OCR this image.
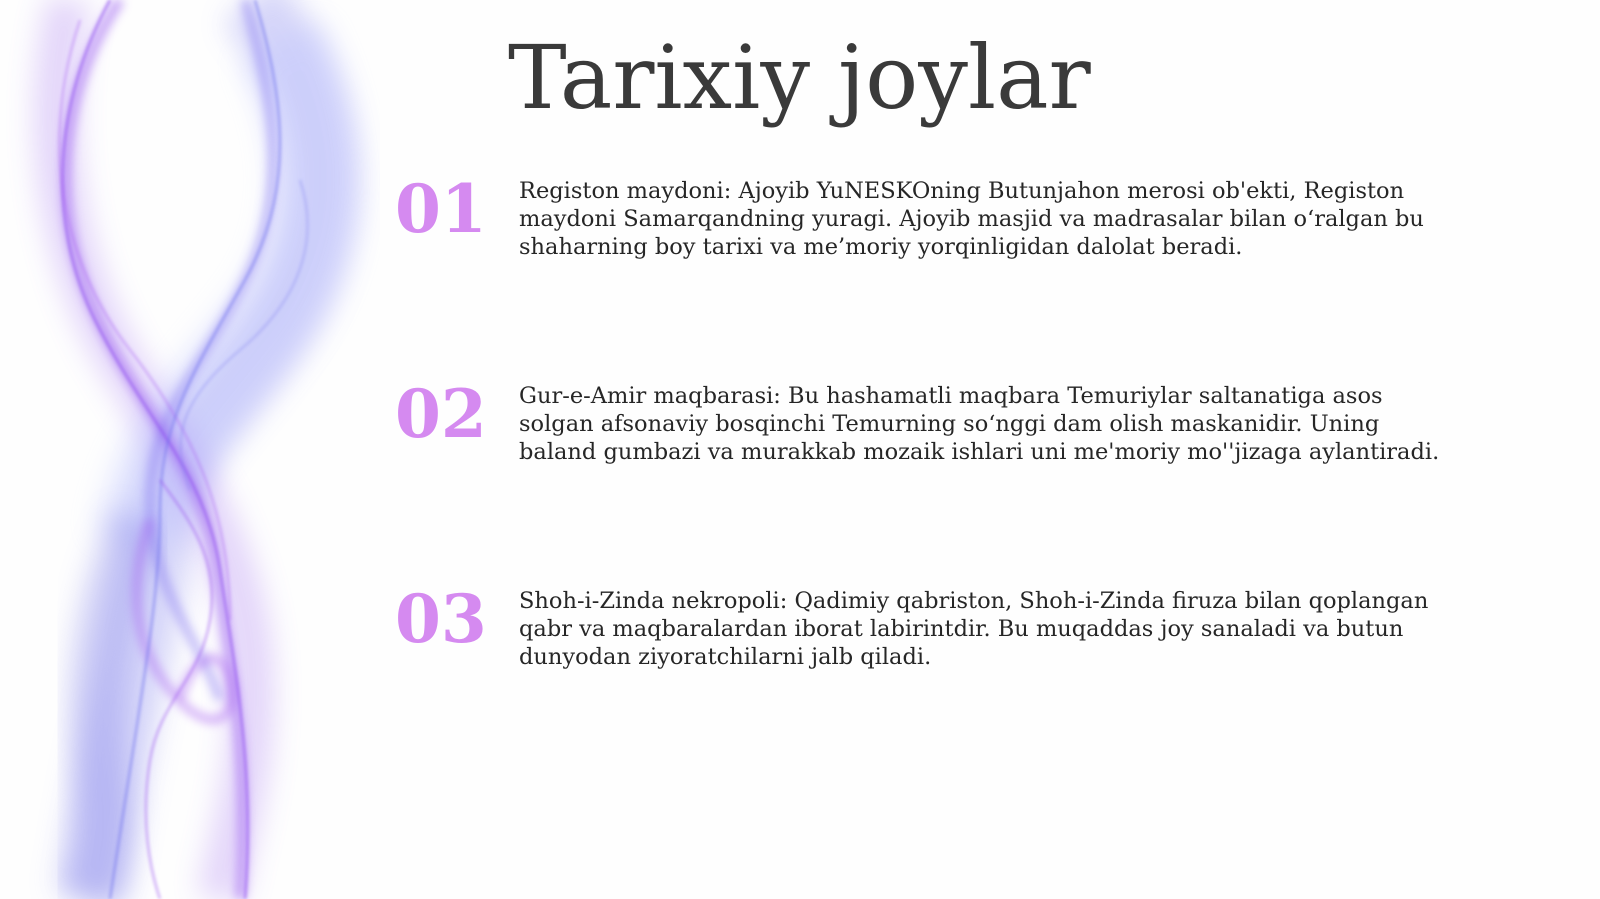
Tarixiy joylar
01 Registon maydoni: Ajoyib YuNESKOning Butunjahon merosi ob'ekti, Registon maydoni Samarqandning yuragi. Ajoyib masjid va madrasalar bilan o‘ralgan bu shaharning boy tarixi va me’moriy yorqinligidan dalolat beradi.

02 Gur-e-Amir maqbarasi: Bu hashamatli maqbara Temuriylar saltanatiga asos solgan afsonaviy bosqinchi Temurning so‘nggi dam olish maskanidir. Uning baland gumbazi va murakkab mozaik ishlari uni me'moriy mo''jizaga aylantiradi.

03 Shoh-i-Zinda nekropoli: Qadimiy qabriston, Shoh-i-Zinda firuza bilan qoplangan qabr va maqbaralardan iborat labirintdir. Bu muqaddas joy sanaladi va butun dunyodan ziyoratchilarni jalb qiladi.
